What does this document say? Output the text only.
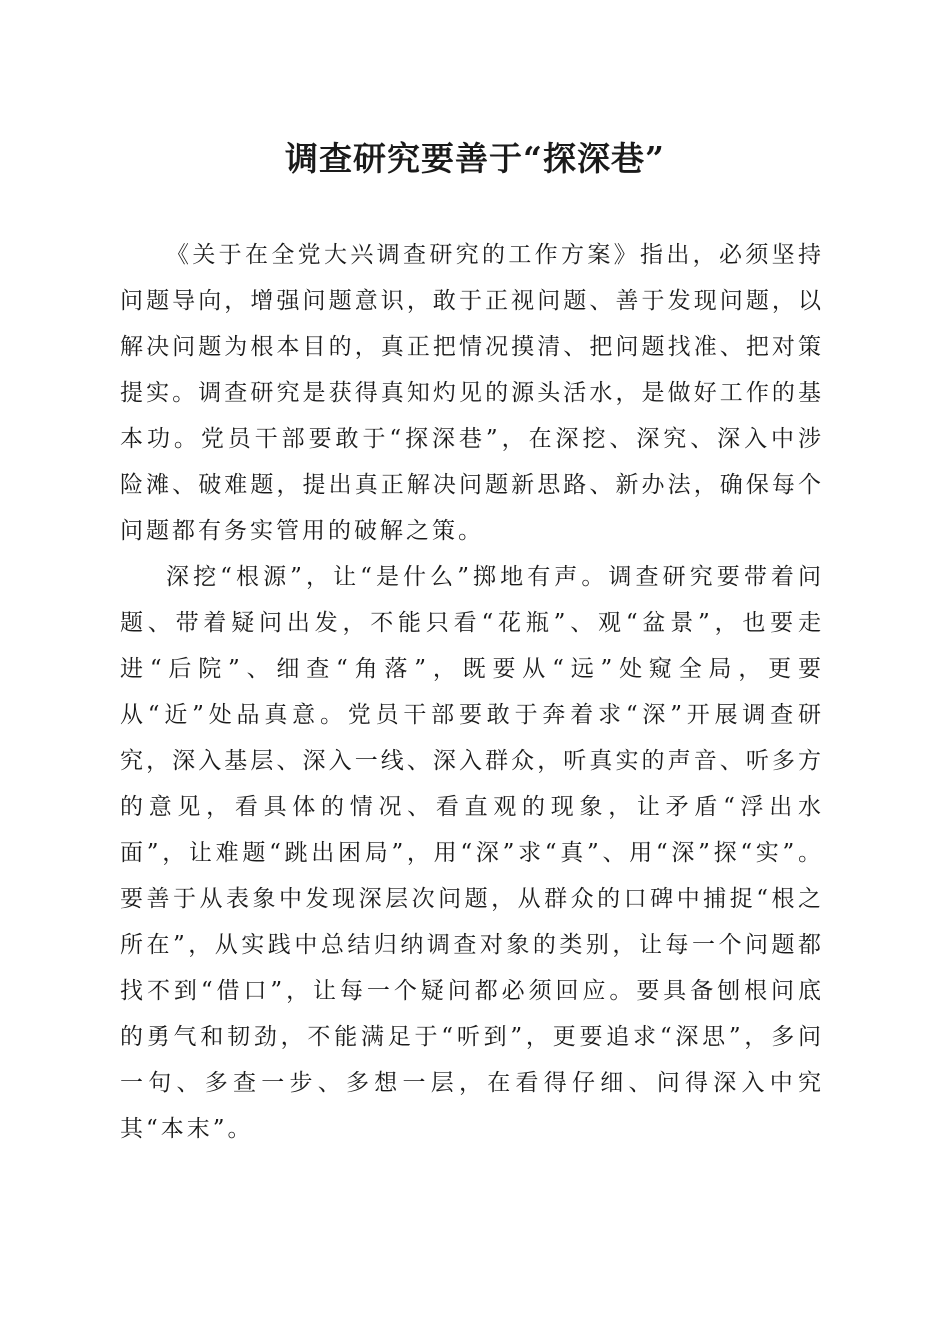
调查研究要善于“探深巷”

《关于在全党大兴调查研究的工作方案》指出，必须坚持问题导向，增强问题意识，敢于正视问题、善于发现问题，以解决问题为根本目的，真正把情况摸清、把问题找准、把对策提实。调查研究是获得真知灼见的源头活水，是做好工作的基本功。党员干部要敢于“探深巷”，在深挖、深究、深入中涉险滩、破难题，提出真正解决问题新思路、新办法，确保每个问题都有务实管用的破解之策。

深挖“根源”，让“是什么”掷地有声。调查研究要带着问题、带着疑问出发，不能只看“花瓶”、观“盆景”，也要走进“后院”、细查“角落”，既要从“远”处窥全局，更要从“近”处品真意。党员干部要敢于奔着求“深”开展调查研究，深入基层、深入一线、深入群众，听真实的声音、听多方的意见，看具体的情况、看直观的现象，让矛盾“浮出水面”，让难题“跳出困局”，用“深”求“真”、用“深”探“实”。要善于从表象中发现深层次问题，从群众的口碑中捕捉“根之所在”，从实践中总结归纳调查对象的类别，让每一个问题都找不到“借口”，让每一个疑问都必须回应。要具备刨根问底的勇气和韧劲，不能满足于“听到”，更要追求“深思”，多问一句、多查一步、多想一层，在看得仔细、问得深入中究其“本末”。
